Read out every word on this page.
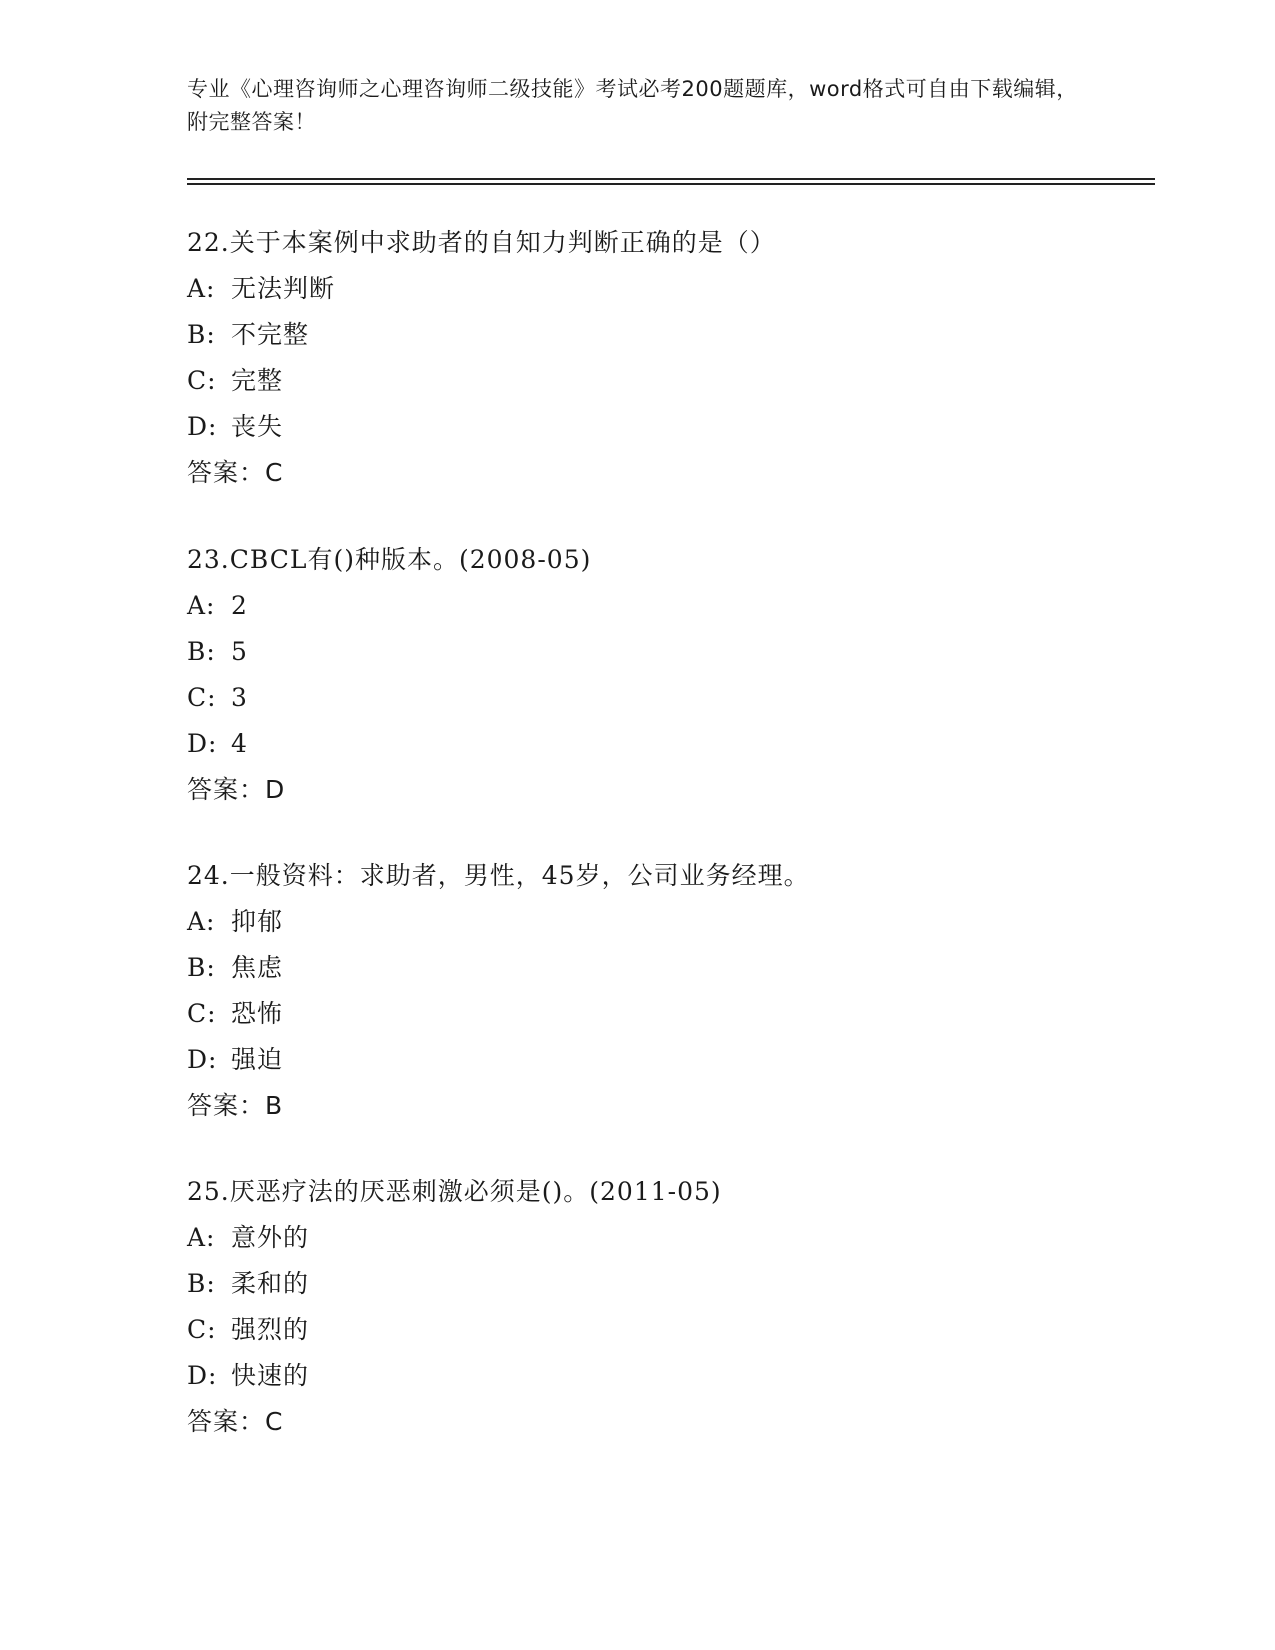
专业《心理咨询师之心理咨询师二级技能》考试必考200题题库，word格式可自由下载编辑，附完整答案！
22.关于本案例中求助者的自知力判断正确的是（）
A: 无法判断
B: 不完整
C: 完整
D: 丧失
答案：C
23.CBCL有()种版本。(2008-05)
A: 2
B: 5
C: 3
D: 4
答案：D
24.一般资料：求助者，男性，45岁，公司业务经理。
A: 抑郁
B: 焦虑
C: 恐怖
D: 强迫
答案：B
25.厌恶疗法的厌恶刺激必须是()。(2011-05)
A: 意外的
B: 柔和的
C: 强烈的
D: 快速的
答案：C
